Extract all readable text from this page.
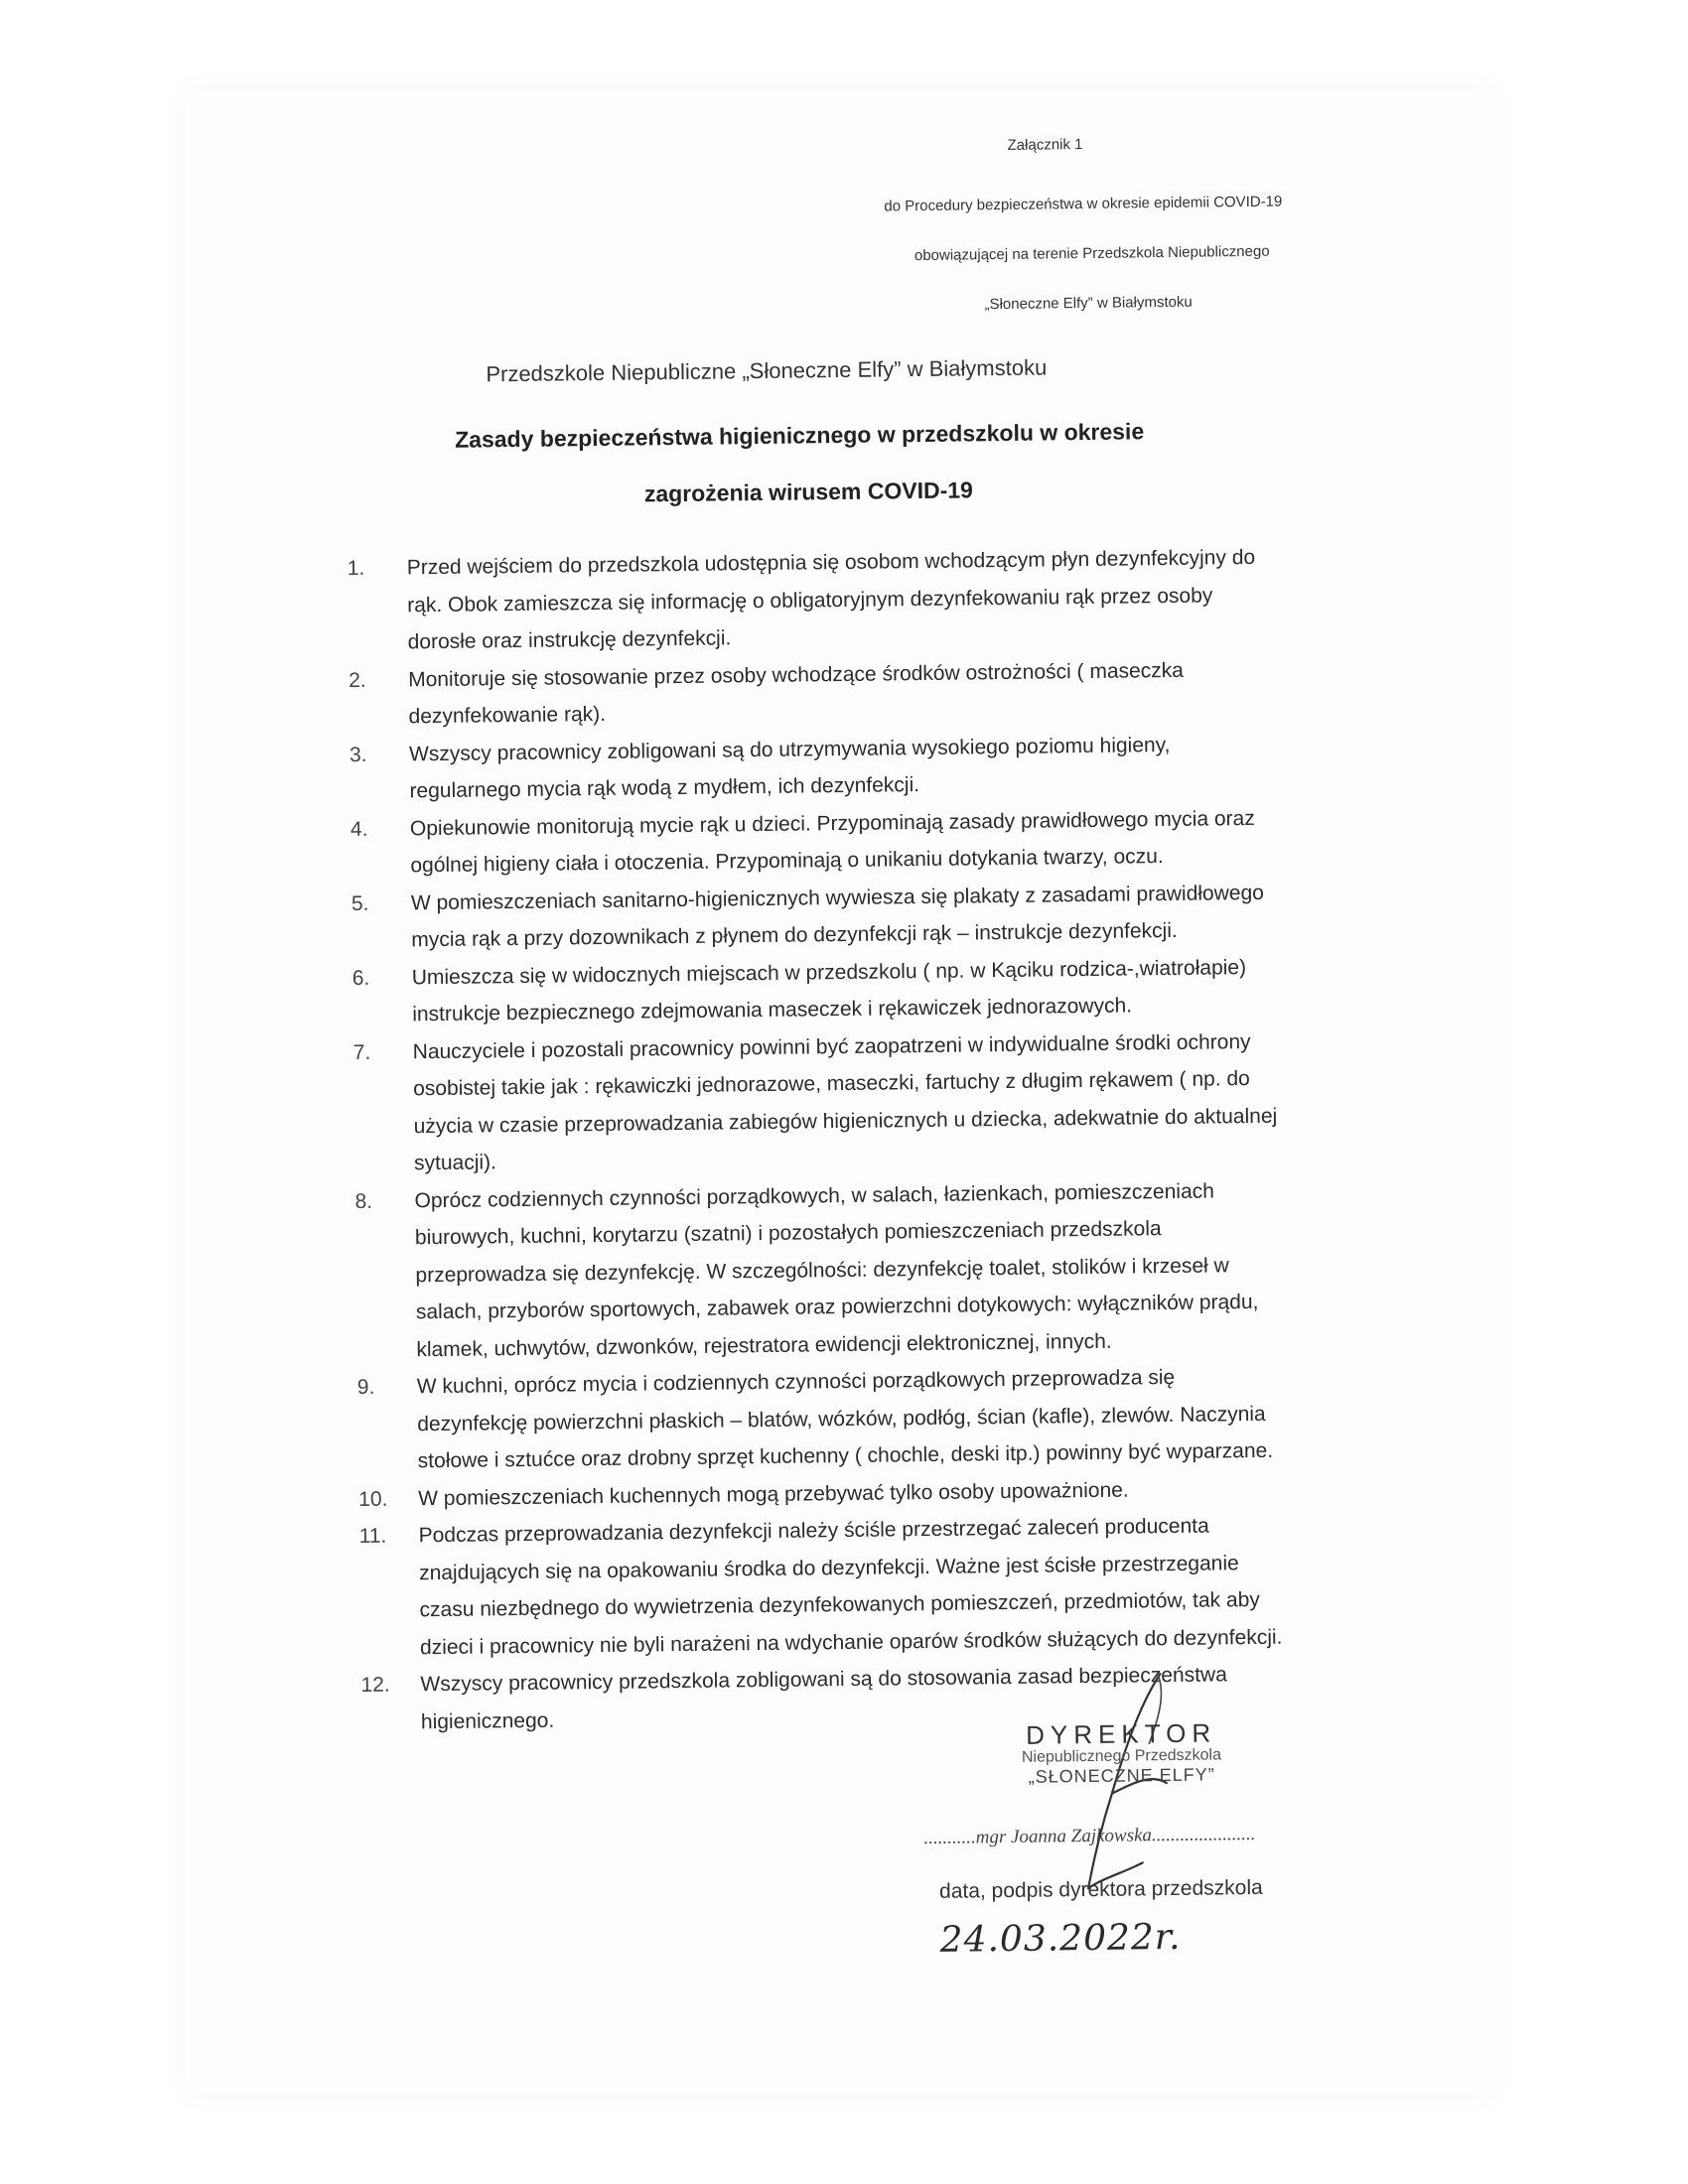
Załącznik 1
do Procedury bezpieczeństwa w okresie epidemii COVID-19
obowiązującej na terenie Przedszkola Niepublicznego
„Słoneczne Elfy” w Białymstoku
Przedszkole Niepubliczne „Słoneczne Elfy” w Białymstoku
Zasady bezpieczeństwa higienicznego w przedszkolu w okresie
zagrożenia wirusem COVID-19
1.	Przed wejściem do przedszkola udostępnia się osobom wchodzącym płyn dezynfekcyjny do
rąk. Obok zamieszcza się informację o obligatoryjnym dezynfekowaniu rąk przez osoby
dorosłe oraz instrukcję dezynfekcji.
2.	Monitoruje się stosowanie przez osoby wchodzące środków ostrożności ( maseczka
dezynfekowanie rąk).
3.	Wszyscy pracownicy zobligowani są do utrzymywania wysokiego poziomu higieny,
regularnego mycia rąk wodą z mydłem, ich dezynfekcji.
4.	Opiekunowie monitorują mycie rąk u dzieci. Przypominają zasady prawidłowego mycia oraz
ogólnej higieny ciała i otoczenia. Przypominają o unikaniu dotykania twarzy, oczu.
5.	W pomieszczeniach sanitarno-higienicznych wywiesza się plakaty z zasadami prawidłowego
mycia rąk a przy dozownikach z płynem do dezynfekcji rąk – instrukcje dezynfekcji.
6.	Umieszcza się w widocznych miejscach w przedszkolu ( np. w Kąciku rodzica-,wiatrołapie)
instrukcje bezpiecznego zdejmowania maseczek i rękawiczek jednorazowych.
7.	Nauczyciele i pozostali pracownicy powinni być zaopatrzeni w indywidualne środki ochrony
osobistej takie jak : rękawiczki jednorazowe, maseczki, fartuchy z długim rękawem ( np. do
użycia w czasie przeprowadzania zabiegów higienicznych u dziecka, adekwatnie do aktualnej
sytuacji).
8.	Oprócz codziennych czynności porządkowych, w salach, łazienkach, pomieszczeniach
biurowych, kuchni, korytarzu (szatni) i pozostałych pomieszczeniach przedszkola
przeprowadza się dezynfekcję. W szczególności: dezynfekcję toalet, stolików i krzeseł w
salach, przyborów sportowych, zabawek oraz powierzchni dotykowych: wyłączników prądu,
klamek, uchwytów, dzwonków, rejestratora ewidencji elektronicznej, innych.
9.	W kuchni, oprócz mycia i codziennych czynności porządkowych przeprowadza się
dezynfekcję powierzchni płaskich – blatów, wózków, podłóg, ścian (kafle), zlewów. Naczynia
stołowe i sztućce oraz drobny sprzęt kuchenny ( chochle, deski itp.) powinny być wyparzane.
10.	W pomieszczeniach kuchennych mogą przebywać tylko osoby upoważnione.
11.	Podczas przeprowadzania dezynfekcji należy ściśle przestrzegać zaleceń producenta
znajdujących się na opakowaniu środka do dezynfekcji. Ważne jest ścisłe przestrzeganie
czasu niezbędnego do wywietrzenia dezynfekowanych pomieszczeń, przedmiotów, tak aby
dzieci i pracownicy nie byli narażeni na wdychanie oparów środków służących do dezynfekcji.
12.	Wszyscy pracownicy przedszkola zobligowani są do stosowania zasad bezpieczeństwa
higienicznego.	DYREKTOR
Niepublicznego Przedszkola
„SŁONECZNE ELFY”
...........mgr Joanna Zajkowska......................
data, podpis dyrektora przedszkola
24.03.2022r.
